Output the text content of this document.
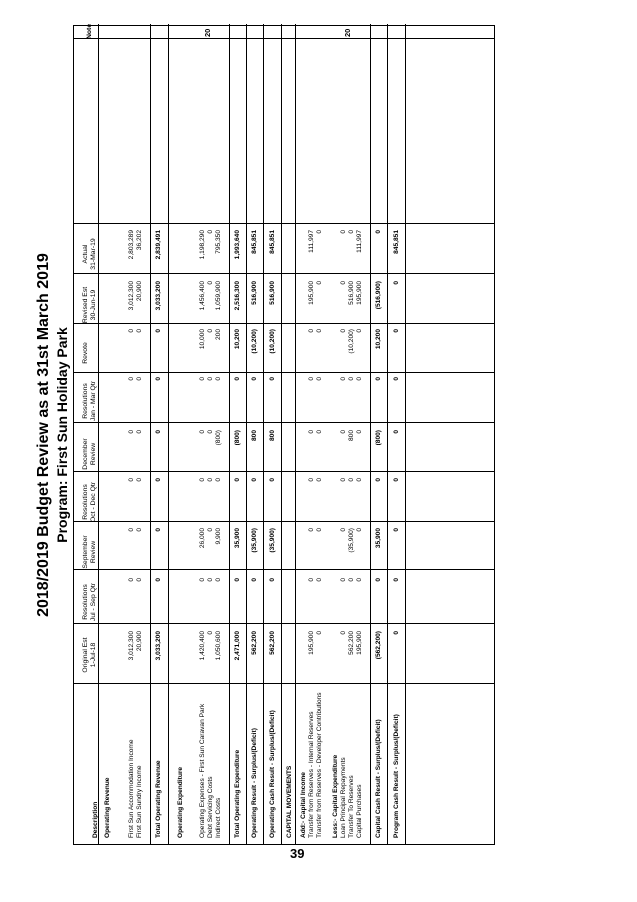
2018/2019 Budget Review as at 31st March 2019 Program: First Sun Holiday Park
Description
Original Est 1-Jul-18
Resolutions Jul - Sep Qtr
September Review
Resolutions Oct - Dec Qtr
December Review
Resolutions Jan - Mar Qtr
Revote
Revised Est 30-Jun-19
Actual 31-Mar-19
Note
Operating Revenue	First Sun Accommodation Income
3,012,300
0
0
0
0
0
0
3,012,300
2,803,289
First Sun Sundry Income
20,900
0
0
0
0
0
0
20,900
36,202
Total Operating Revenue
3,033,200
0
0
0
0
0
0
3,033,200
2,839,491
Operating Expenditure Operating Expenses - First Sun Caravan Park
1,420,400
0
26,000
0
0
0
10,000
1,456,400
1,198,290
Debt Servicing Costs
0
0
0
0
0
0
0
0
0
Indirect Costs
1,050,600
0
9,900
0
(800)
0
200
1,059,900
795,350
Total Operating Expenditure
2,471,000
0
35,900
0
(800)
0
10,200
2,516,300
1,993,640
Operating Result - Surplus/(Deficit)
562,200
0
(35,900)
0
800
0
(10,200)
516,900
845,851
Operating Cash Result - Surplus/(Deficit)
562,200
0
(35,900)
0
800
0
(10,200)
516,900
845,851
CAPITAL MOVEMENTS Add:- Capital Income Transfer from Reserves - Internal Reserves
195,900
0
0
0
0
0
0
195,900
111,997
Transfer from Reserves - Developer Contributions
0
0
0
0
0
0
0
0
0
Less:- Capital Expenditure Loan Principal Repayments
0
0
0
0
0
0
0
0
0
Transfer To Reserves
562,200
0
(35,900)
0
800
0
(10,200)
516,900
0
Capital Purchases
195,900
0
0
0
0
0
0
195,900
111,997
Capital Cash Result - Surplus/(Deficit)
(562,200)
0
35,900
0
(800)
0
10,200
(516,900)
0
Program Cash Result - Surplus/(Deficit)
0
0
0
0
0
0
0
0
845,851
20	20
39
